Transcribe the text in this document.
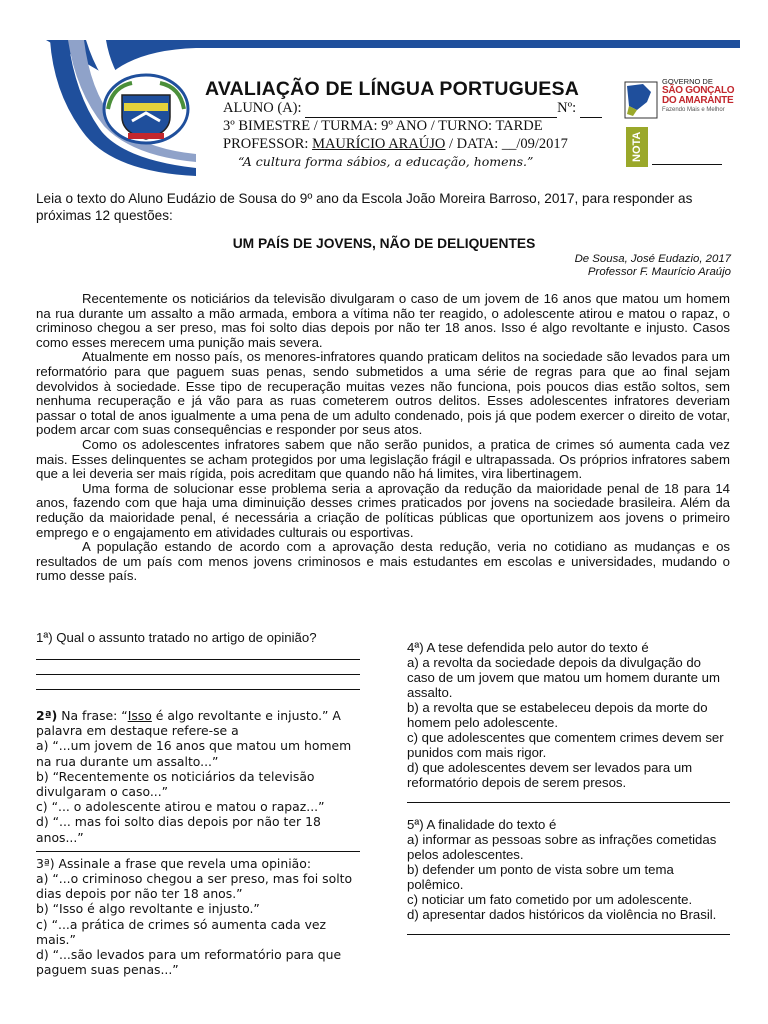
AVALIAÇÃO DE LÍNGUA PORTUGUESA
ALUNO (A):	Nº:
3º BIMESTRE / TURMA: 9º ANO / TURNO: TARDE
PROFESSOR: MAURÍCIO ARAÚJO / DATA: __/09/2017
“A cultura forma sábios, a educação, homens.”
GOVERNO DE
SÃO GONÇALO
DO AMARANTE
Fazendo Mais e Melhor
NOTA
Leia o texto do Aluno Eudázio de Sousa do 9º ano da Escola João Moreira Barroso, 2017, para responder as próximas 12 questões:
UM PAÍS DE JOVENS, NÃO DE DELIQUENTES
De Sousa, José Eudazio, 2017
Professor F. Maurício Araújo

Recentemente os noticiários da televisão divulgaram o caso de um jovem de 16 anos que matou um homem na rua durante um assalto a mão armada, embora a vítima não ter reagido, o adolescente atirou e matou o rapaz, o criminoso chegou a ser preso, mas foi solto dias depois por não ter 18 anos. Isso é algo revoltante e injusto. Casos como esses merecem uma punição mais severa.

Atualmente em nosso país, os menores-infratores quando praticam delitos na sociedade são levados para um reformatório para que paguem suas penas, sendo submetidos a uma série de regras para que ao final sejam devolvidos à sociedade. Esse tipo de recuperação muitas vezes não funciona, pois poucos dias estão soltos, sem nenhuma recuperação e já vão para as ruas cometerem outros delitos. Esses adolescentes infratores deveriam passar o total de anos igualmente a uma pena de um adulto condenado, pois já que podem exercer o direito de votar, podem arcar com suas consequências e responder por seus atos.

Como os adolescentes infratores sabem que não serão punidos, a pratica de crimes só aumenta cada vez mais. Esses delinquentes se acham protegidos por uma legislação frágil e ultrapassada. Os próprios infratores sabem que a lei deveria ser mais rígida, pois acreditam que quando não há limites, vira libertinagem.

Uma forma de solucionar esse problema seria a aprovação da redução da maioridade penal de 18 para 14 anos, fazendo com que haja uma diminuição desses crimes praticados por jovens na sociedade brasileira. Além da redução da maioridade penal, é necessária a criação de políticas públicas que oportunizem aos jovens o primeiro emprego e o engajamento em atividades culturais ou esportivas.

A população estando de acordo com a aprovação desta redução, veria no cotidiano as mudanças e os resultados de um país com menos jovens criminosos e mais estudantes em escolas e universidades, mudando o rumo desse país.

1ª) Qual o assunto tratado no artigo de opinião?
2ª) Na frase: “Isso é algo revoltante e injusto.” A palavra em destaque refere-se a
a) “...um jovem de 16 anos que matou um homem na rua durante um assalto...”
b) “Recentemente os noticiários da televisão divulgaram o caso...”
c) “... o adolescente atirou e matou o rapaz...”
d) “... mas foi solto dias depois por não ter 18 anos...”
3ª) Assinale a frase que revela uma opinião:
a) “...o criminoso chegou a ser preso, mas foi solto dias depois por não ter 18 anos.”
b) “Isso é algo revoltante e injusto.”
c) “...a prática de crimes só aumenta cada vez mais.”
d) “...são levados para um reformatório para que paguem suas penas...”
4ª) A tese defendida pelo autor do texto é
a) a revolta da sociedade depois da divulgação do caso de um jovem que matou um homem durante um assalto.
b) a revolta que se estabeleceu depois da morte do homem pelo adolescente.
c) que adolescentes que comentem crimes devem ser punidos com mais rigor.
d) que adolescentes devem ser levados para um reformatório depois de serem presos.
5ª) A finalidade do texto é
a) informar as pessoas sobre as infrações cometidas pelos adolescentes.
b) defender um ponto de vista sobre um tema polêmico.
c) noticiar um fato cometido por um adolescente.
d) apresentar dados históricos da violência no Brasil.
